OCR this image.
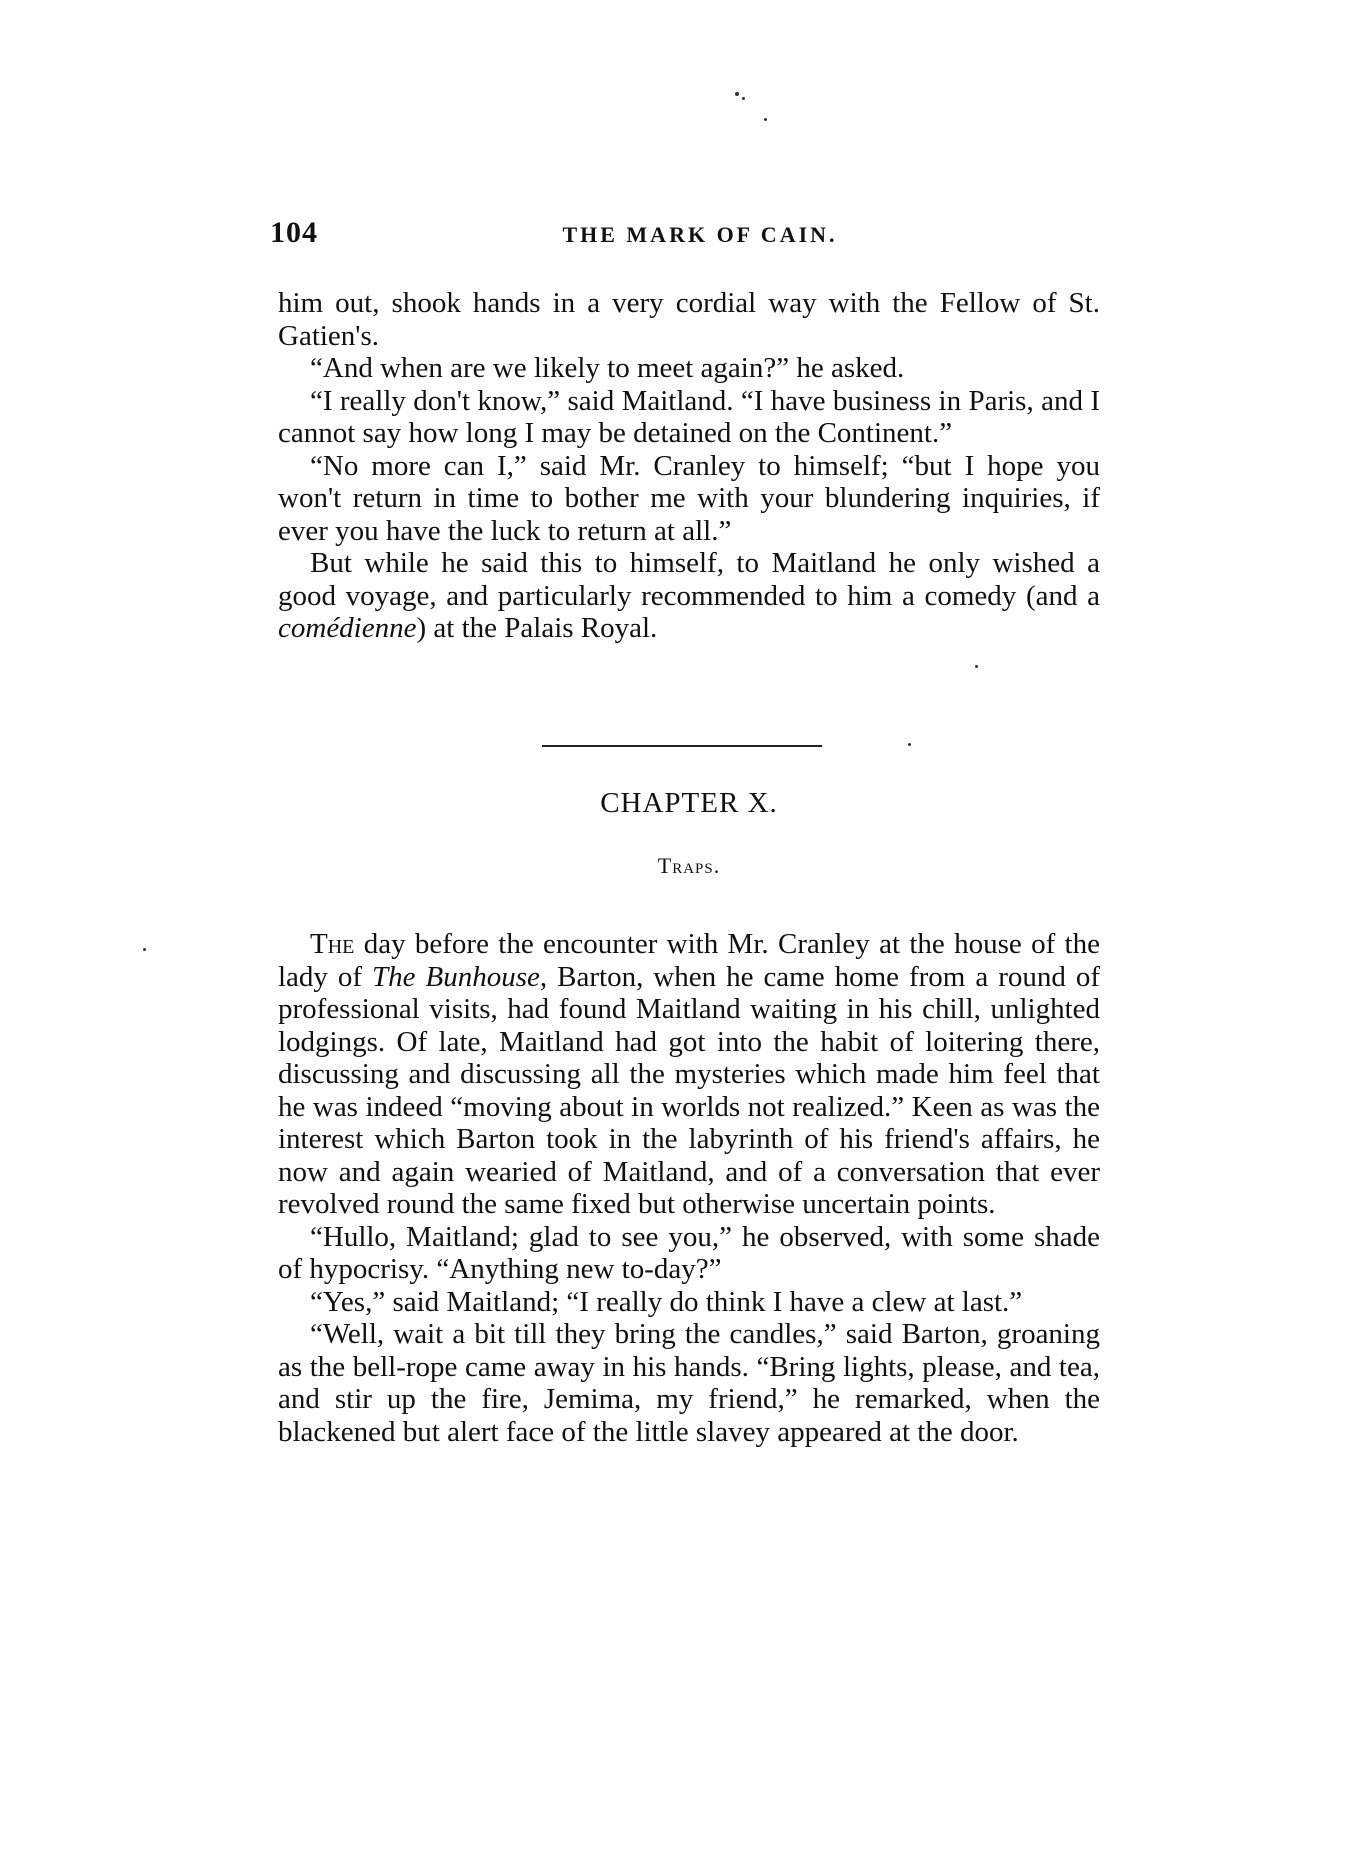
104	THE MARK OF CAIN.

him out, shook hands in a very cordial way with the Fellow of St. Gatien's.

“And when are we likely to meet again?” he asked.

“I really don't know,” said Maitland. “I have business in Paris, and I cannot say how long I may be detained on the Continent.”

“No more can I,” said Mr. Cranley to himself; “but I hope you won't return in time to bother me with your blundering inquiries, if ever you have the luck to return at all.”

But while he said this to himself, to Maitland he only wished a good voyage, and particularly recommended to him a comedy (and a comédienne) at the Palais Royal.

CHAPTER X.
Traps.

The day before the encounter with Mr. Cranley at the house of the lady of The Bunhouse, Barton, when he came home from a round of professional visits, had found Maitland waiting in his chill, unlighted lodgings. Of late, Maitland had got into the habit of loitering there, discussing and discussing all the mysteries which made him feel that he was indeed “moving about in worlds not realized.” Keen as was the interest which Barton took in the labyrinth of his friend's affairs, he now and again wearied of Maitland, and of a conversation that ever revolved round the same fixed but otherwise uncertain points.

“Hullo, Maitland; glad to see you,” he observed, with some shade of hypocrisy. “Anything new to-day?”

“Yes,” said Maitland; “I really do think I have a clew at last.”

“Well, wait a bit till they bring the candles,” said Barton, groaning as the bell-rope came away in his hands. “Bring lights, please, and tea, and stir up the fire, Jemima, my friend,” he remarked, when the blackened but alert face of the little slavey appeared at the door.
